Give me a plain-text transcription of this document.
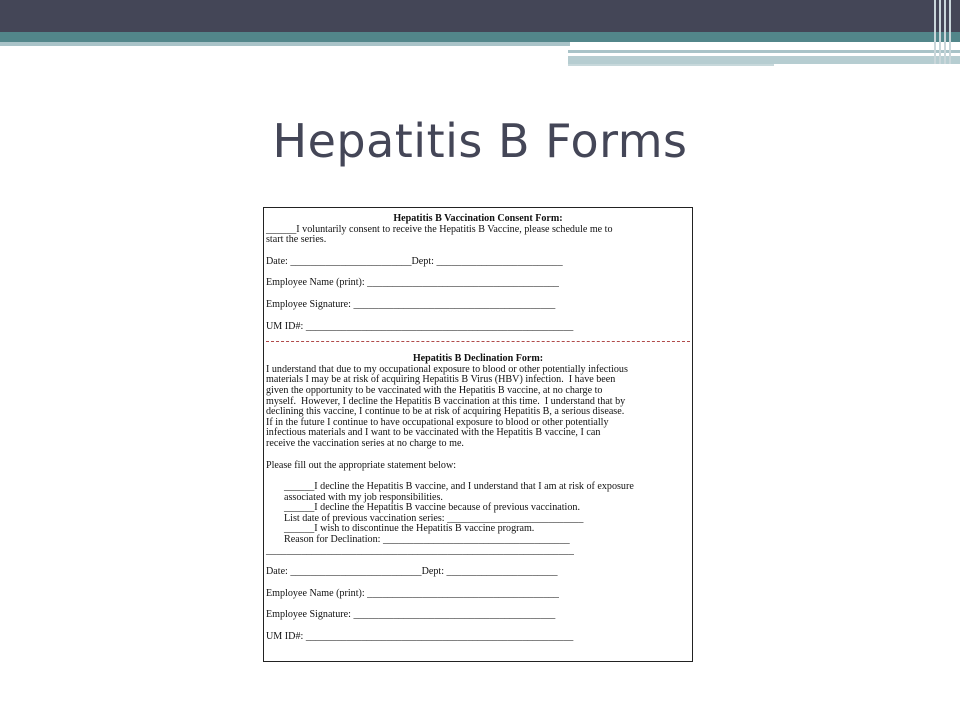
Hepatitis B Forms

Hepatitis B Vaccination Consent Form:

______I voluntarily consent to receive the Hepatitis B Vaccine, please schedule me to

start the series.

Date: ________________________Dept: _________________________

Employee Name (print): ______________________________________

Employee Signature: ________________________________________

UM ID#: _____________________________________________________

Hepatitis B Declination Form:

I understand that due to my occupational exposure to blood or other potentially infectious

materials I may be at risk of acquiring Hepatitis B Virus (HBV) infection.  I have been

given the opportunity to be vaccinated with the Hepatitis B vaccine, at no charge to

myself.  However, I decline the Hepatitis B vaccination at this time.  I understand that by

declining this vaccine, I continue to be at risk of acquiring Hepatitis B, a serious disease.

If in the future I continue to have occupational exposure to blood or other potentially

infectious materials and I want to be vaccinated with the Hepatitis B vaccine, I can

receive the vaccination series at no charge to me.

Please fill out the appropriate statement below:

______I decline the Hepatitis B vaccine, and I understand that I am at risk of exposure

associated with my job responsibilities.

______I decline the Hepatitis B vaccine because of previous vaccination.

List date of previous vaccination series: ___________________________

______I wish to discontinue the Hepatitis B vaccine program.

Reason for Declination: _____________________________________

_____________________________________________________________

Date: __________________________Dept: ______________________

Employee Name (print): ______________________________________

Employee Signature: ________________________________________

UM ID#: _____________________________________________________
